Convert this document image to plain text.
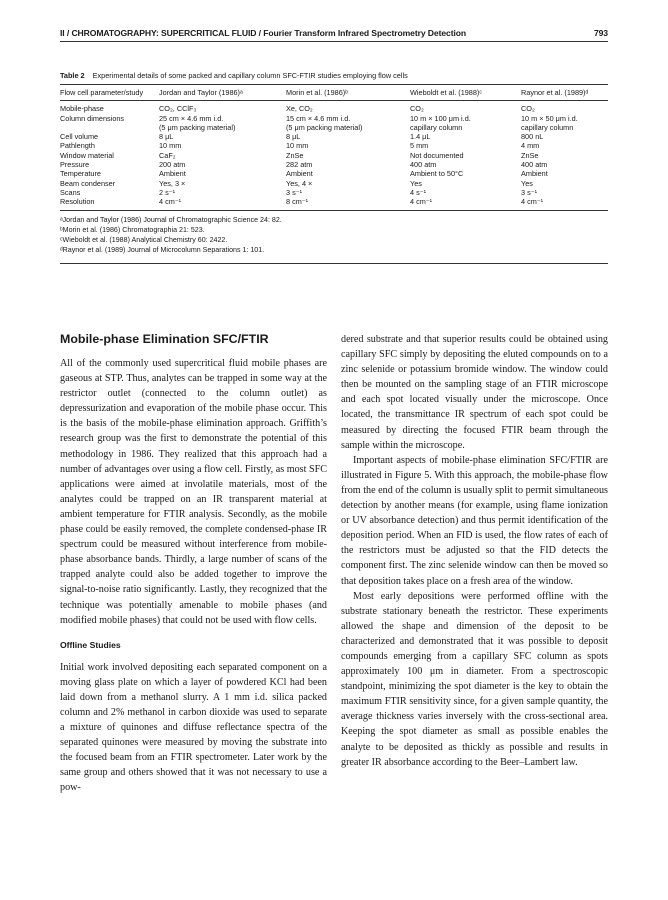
II / CHROMATOGRAPHY: SUPERCRITICAL FLUID / Fourier Transform Infrared Spectrometry Detection	793
Table 2 Experimental details of some packed and capillary column SFC-FTIR studies employing flow cells
Flow cell parameter/study	Jordan and Taylor (1986)ᵃ	Morin et al. (1986)ᵇ	Wieboldt et al. (1988)ᶜ	Raynor et al. (1989)ᵈ
Mobile-phase	CO₂, CClF₃	Xe, CO₂	CO₂	CO₂
Column dimensions	25 cm × 4.6 mm i.d.	15 cm × 4.6 mm i.d.	10 m × 100 μm i.d.	10 m × 50 μm i.d.
	(5 μm packing material)	(5 μm packing material)	capillary column	capillary column
Cell volume	8 μL	8 μL	1.4 μL	800 nL
Pathlength	10 mm	10 mm	5 mm	4 mm
Window material	CaF₂	ZnSe	Not documented	ZnSe
Pressure	200 atm	282 atm	400 atm	400 atm
Temperature	Ambient	Ambient	Ambient to 50°C	Ambient
Beam condenser	Yes, 3 ×	Yes, 4 ×	Yes	Yes
Scans	2 s⁻¹	3 s⁻¹	4 s⁻¹	3 s⁻¹
Resolution	4 cm⁻¹	8 cm⁻¹	4 cm⁻¹	4 cm⁻¹
ᵃJordan and Taylor (1986) Journal of Chromatographic Science 24: 82.
ᵇMorin et al. (1986) Chromatographia 21: 523.
ᶜWieboldt et al. (1988) Analytical Chemistry 60: 2422.
ᵈRaynor et al. (1989) Journal of Microcolumn Separations 1: 101.
Mobile-phase Elimination SFC/FTIR

All of the commonly used supercritical fluid mobile phases are gaseous at STP. Thus, analytes can be trapped in some way at the restrictor outlet (connected to the column outlet) as depressurization and evaporation of the mobile phase occur. This is the basis of the mobile-phase elimination approach. Griffith’s research group was the first to demonstrate the potential of this methodology in 1986. They realized that this approach had a number of advantages over using a flow cell. Firstly, as most SFC applications were aimed at involatile materials, most of the analytes could be trapped on an IR transparent material at ambient temperature for FTIR analysis. Secondly, as the mobile phase could be easily removed, the complete condensed-phase IR spectrum could be measured without interference from mobile-phase absorbance bands. Thirdly, a large number of scans of the trapped analyte could also be added together to improve the signal-to-noise ratio significantly. Lastly, they recognized that the technique was potentially amenable to mobile phases (and modified mobile phases) that could not be used with flow cells.

Offline Studies

Initial work involved depositing each separated component on a moving glass plate on which a layer of powdered KCl had been laid down from a methanol slurry. A 1 mm i.d. silica packed column and 2% methanol in carbon dioxide was used to separate a mixture of quinones and diffuse reflectance spectra of the separated quinones were measured by moving the substrate into the focused beam from an FTIR spectrometer. Later work by the same group and others showed that it was not necessary to use a pow-

dered substrate and that superior results could be obtained using capillary SFC simply by depositing the eluted compounds on to a zinc selenide or potassium bromide window. The window could then be mounted on the sampling stage of an FTIR microscope and each spot located visually under the microscope. Once located, the transmittance IR spectrum of each spot could be measured by directing the focused FTIR beam through the sample within the microscope.

Important aspects of mobile-phase elimination SFC/FTIR are illustrated in Figure 5. With this approach, the mobile-phase flow from the end of the column is usually split to permit simultaneous detection by another means (for example, using flame ionization or UV absorbance detection) and thus permit identification of the deposition period. When an FID is used, the flow rates of each of the restrictors must be adjusted so that the FID detects the component first. The zinc selenide window can then be moved so that deposition takes place on a fresh area of the window.

Most early depositions were performed offline with the substrate stationary beneath the restrictor. These experiments allowed the shape and dimension of the deposit to be characterized and demonstrated that it was possible to deposit compounds emerging from a capillary SFC column as spots approximately 100 μm in diameter. From a spectroscopic standpoint, minimizing the spot diameter is the key to obtain the maximum FTIR sensitivity since, for a given sample quantity, the average thickness varies inversely with the cross-sectional area. Keeping the spot diameter as small as possible enables the analyte to be deposited as thickly as possible and results in greater IR absorbance according to the Beer–Lambert law.
